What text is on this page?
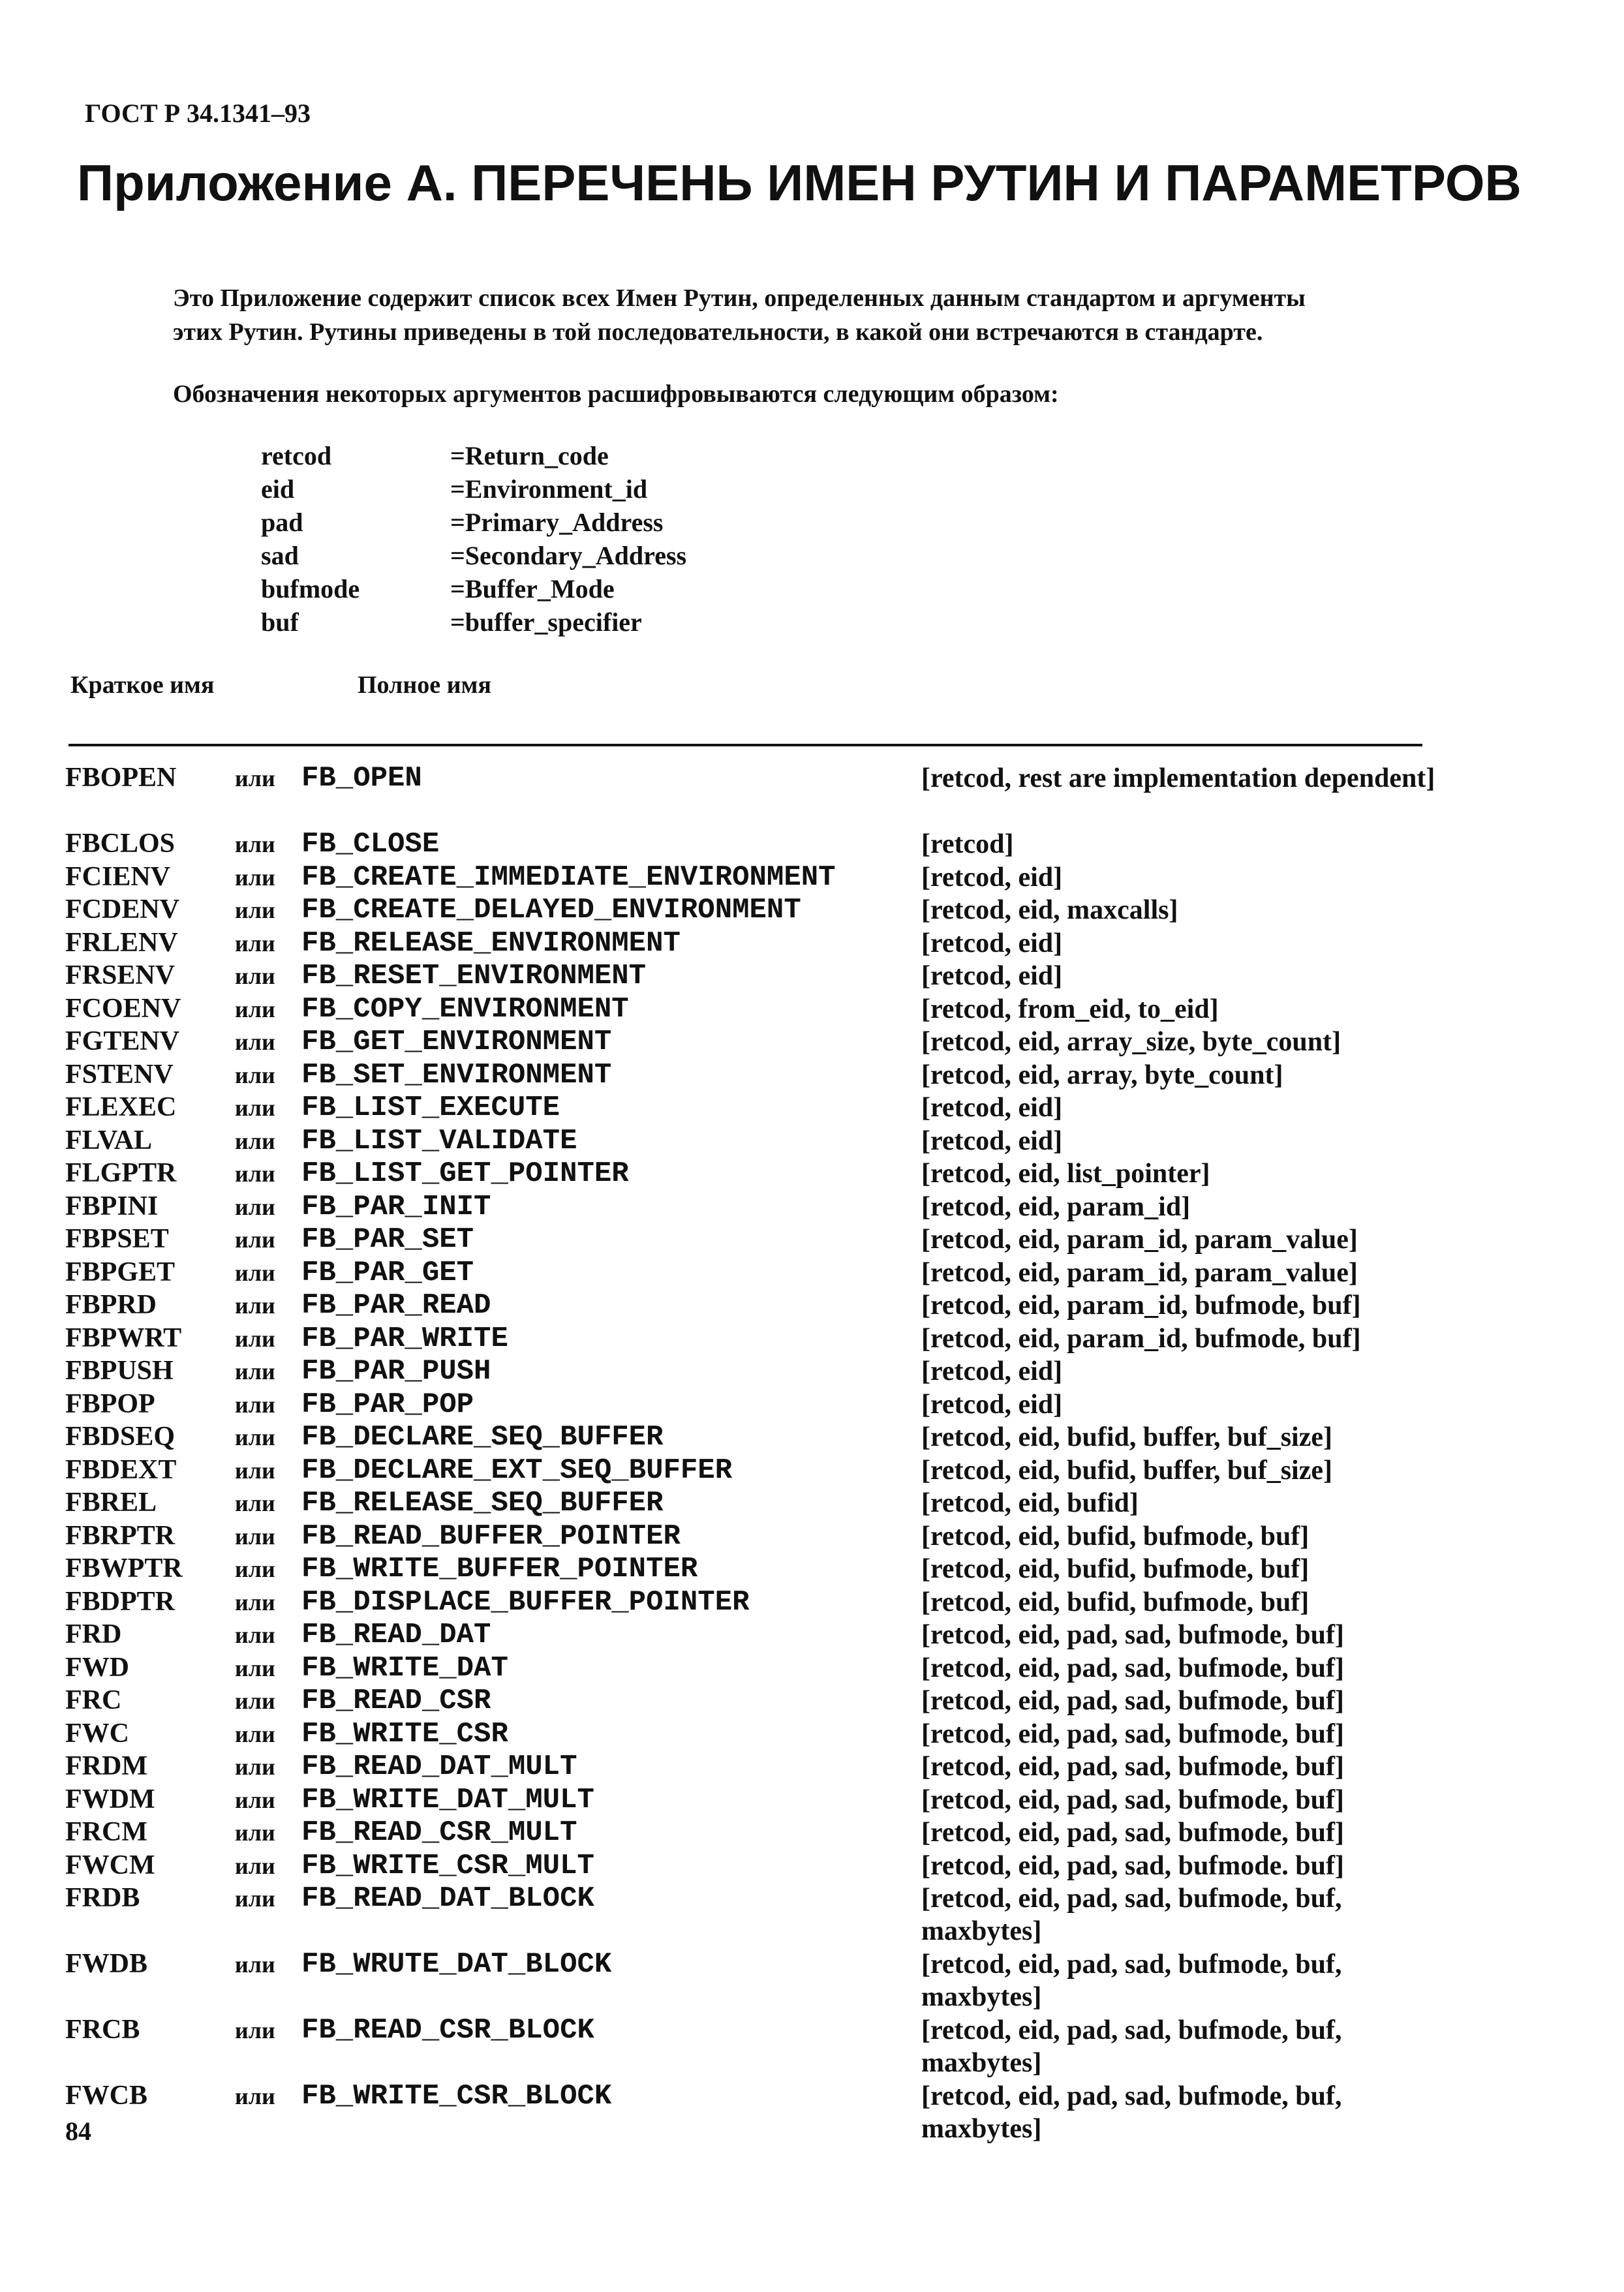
ГОСТ Р 34.1341–93
Приложение А. ПЕРЕЧЕНЬ ИМЕН РУТИН И ПАРАМЕТРОВ
Это Приложение содержит список всех Имен Рутин, определенных данным стандартом и аргументы
этих Рутин. Рутины приведены в той последовательности, в какой они встречаются в стандарте.
Обозначения некоторых аргументов расшифровываются следующим образом:
retcod	=Return_code
eid	=Environment_id
pad	=Primary_Address
sad	=Secondary_Address
bufmode	=Buffer_Mode
buf	=buffer_specifier
Краткое имя	Полное имя
FBOPEN или FB_OPEN	[retcod, rest are implementation dependent]
FBCLOS	или FB_CLOSE	[retcod]
FCIENV	или FB_CREATE_IMMEDIATE_ENVIRONMENT	[retcod, eid]
FCDENV или FB_CREATE_DELAYED_ENVIRONMENT	[retcod, eid, maxcalls]
FRLENV или FB_RELEASE_ENVIRONMENT	[retcod, eid]
FRSENV	или FB_RESET_ENVIRONMENT	[retcod, eid]
FCOENV или FB_COPY_ENVIRONMENT	[retcod, from_eid, to_eid]
FGTENV или FB_GET_ENVIRONMENT	[retcod, eid, array_size, byte_count]
FSTENV	или FB_SET_ENVIRONMENT	[retcod, eid, array, byte_count]
FLEXEC или FB_LIST_EXECUTE	[retcod, eid]
FLVAL	или FB_LIST_VALIDATE	[retcod, eid]
FLGPTR или FB_LIST_GET_POINTER	[retcod, eid, list_pointer]
FBPINI	или FB_PAR_INIT	[retcod, eid, param_id]
FBPSET	или FB_PAR_SET	[retcod, eid, param_id, param_value]
FBPGET	или FB_PAR_GET	[retcod, eid, param_id, param_value]
FBPRD	или FB_PAR_READ	[retcod, eid, param_id, bufmode, buf]
FBPWRT или FB_PAR_WRITE	[retcod, eid, param_id, bufmode, buf]
FBPUSH	или FB_PAR_PUSH	[retcod, eid]
FBPOP	или FB_PAR_POP	[retcod, eid]
FBDSEQ	или FB_DECLARE_SEQ_BUFFER	[retcod, eid, bufid, buffer, buf_size]
FBDEXT или FB_DECLARE_EXT_SEQ_BUFFER	[retcod, eid, bufid, buffer, buf_size]
FBREL	или FB_RELEASE_SEQ_BUFFER	[retcod, eid, bufid]
FBRPTR	или FB_READ_BUFFER_POINTER	[retcod, eid, bufid, bufmode, buf]
FBWPTR или FB_WRITE_BUFFER_POINTER	[retcod, eid, bufid, bufmode, buf]
FBDPTR	или FB_DISPLACE_BUFFER_POINTER	[retcod, eid, bufid, bufmode, buf]
FRD	или FB_READ_DAT	[retcod, eid, pad, sad, bufmode, buf]
FWD	или FB_WRITE_DAT	[retcod, eid, pad, sad, bufmode, buf]
FRC	или FB_READ_CSR	[retcod, eid, pad, sad, bufmode, buf]
FWC	или FB_WRITE_CSR	[retcod, eid, pad, sad, bufmode, buf]
FRDM	или FB_READ_DAT_MULT	[retcod, eid, pad, sad, bufmode, buf]
FWDM	или FB_WRITE_DAT_MULT	[retcod, eid, pad, sad, bufmode, buf]
FRCM	или FB_READ_CSR_MULT	[retcod, eid, pad, sad, bufmode, buf]
FWCM	или FB_WRITE_CSR_MULT	[retcod, eid, pad, sad, bufmode. buf]
FRDB	или FB_READ_DAT_BLOCK	[retcod, eid, pad, sad, bufmode, buf, maxbytes]
FWDB	или FB_WRUTE_DAT_BLOCK	[retcod, eid, pad, sad, bufmode, buf, maxbytes]
FRCB	или FB_READ_CSR_BLOCK	[retcod, eid, pad, sad, bufmode, buf, maxbytes]
FWCB	или FB_WRITE_CSR_BLOCK	[retcod, eid, pad, sad, bufmode, buf, maxbytes]
84
